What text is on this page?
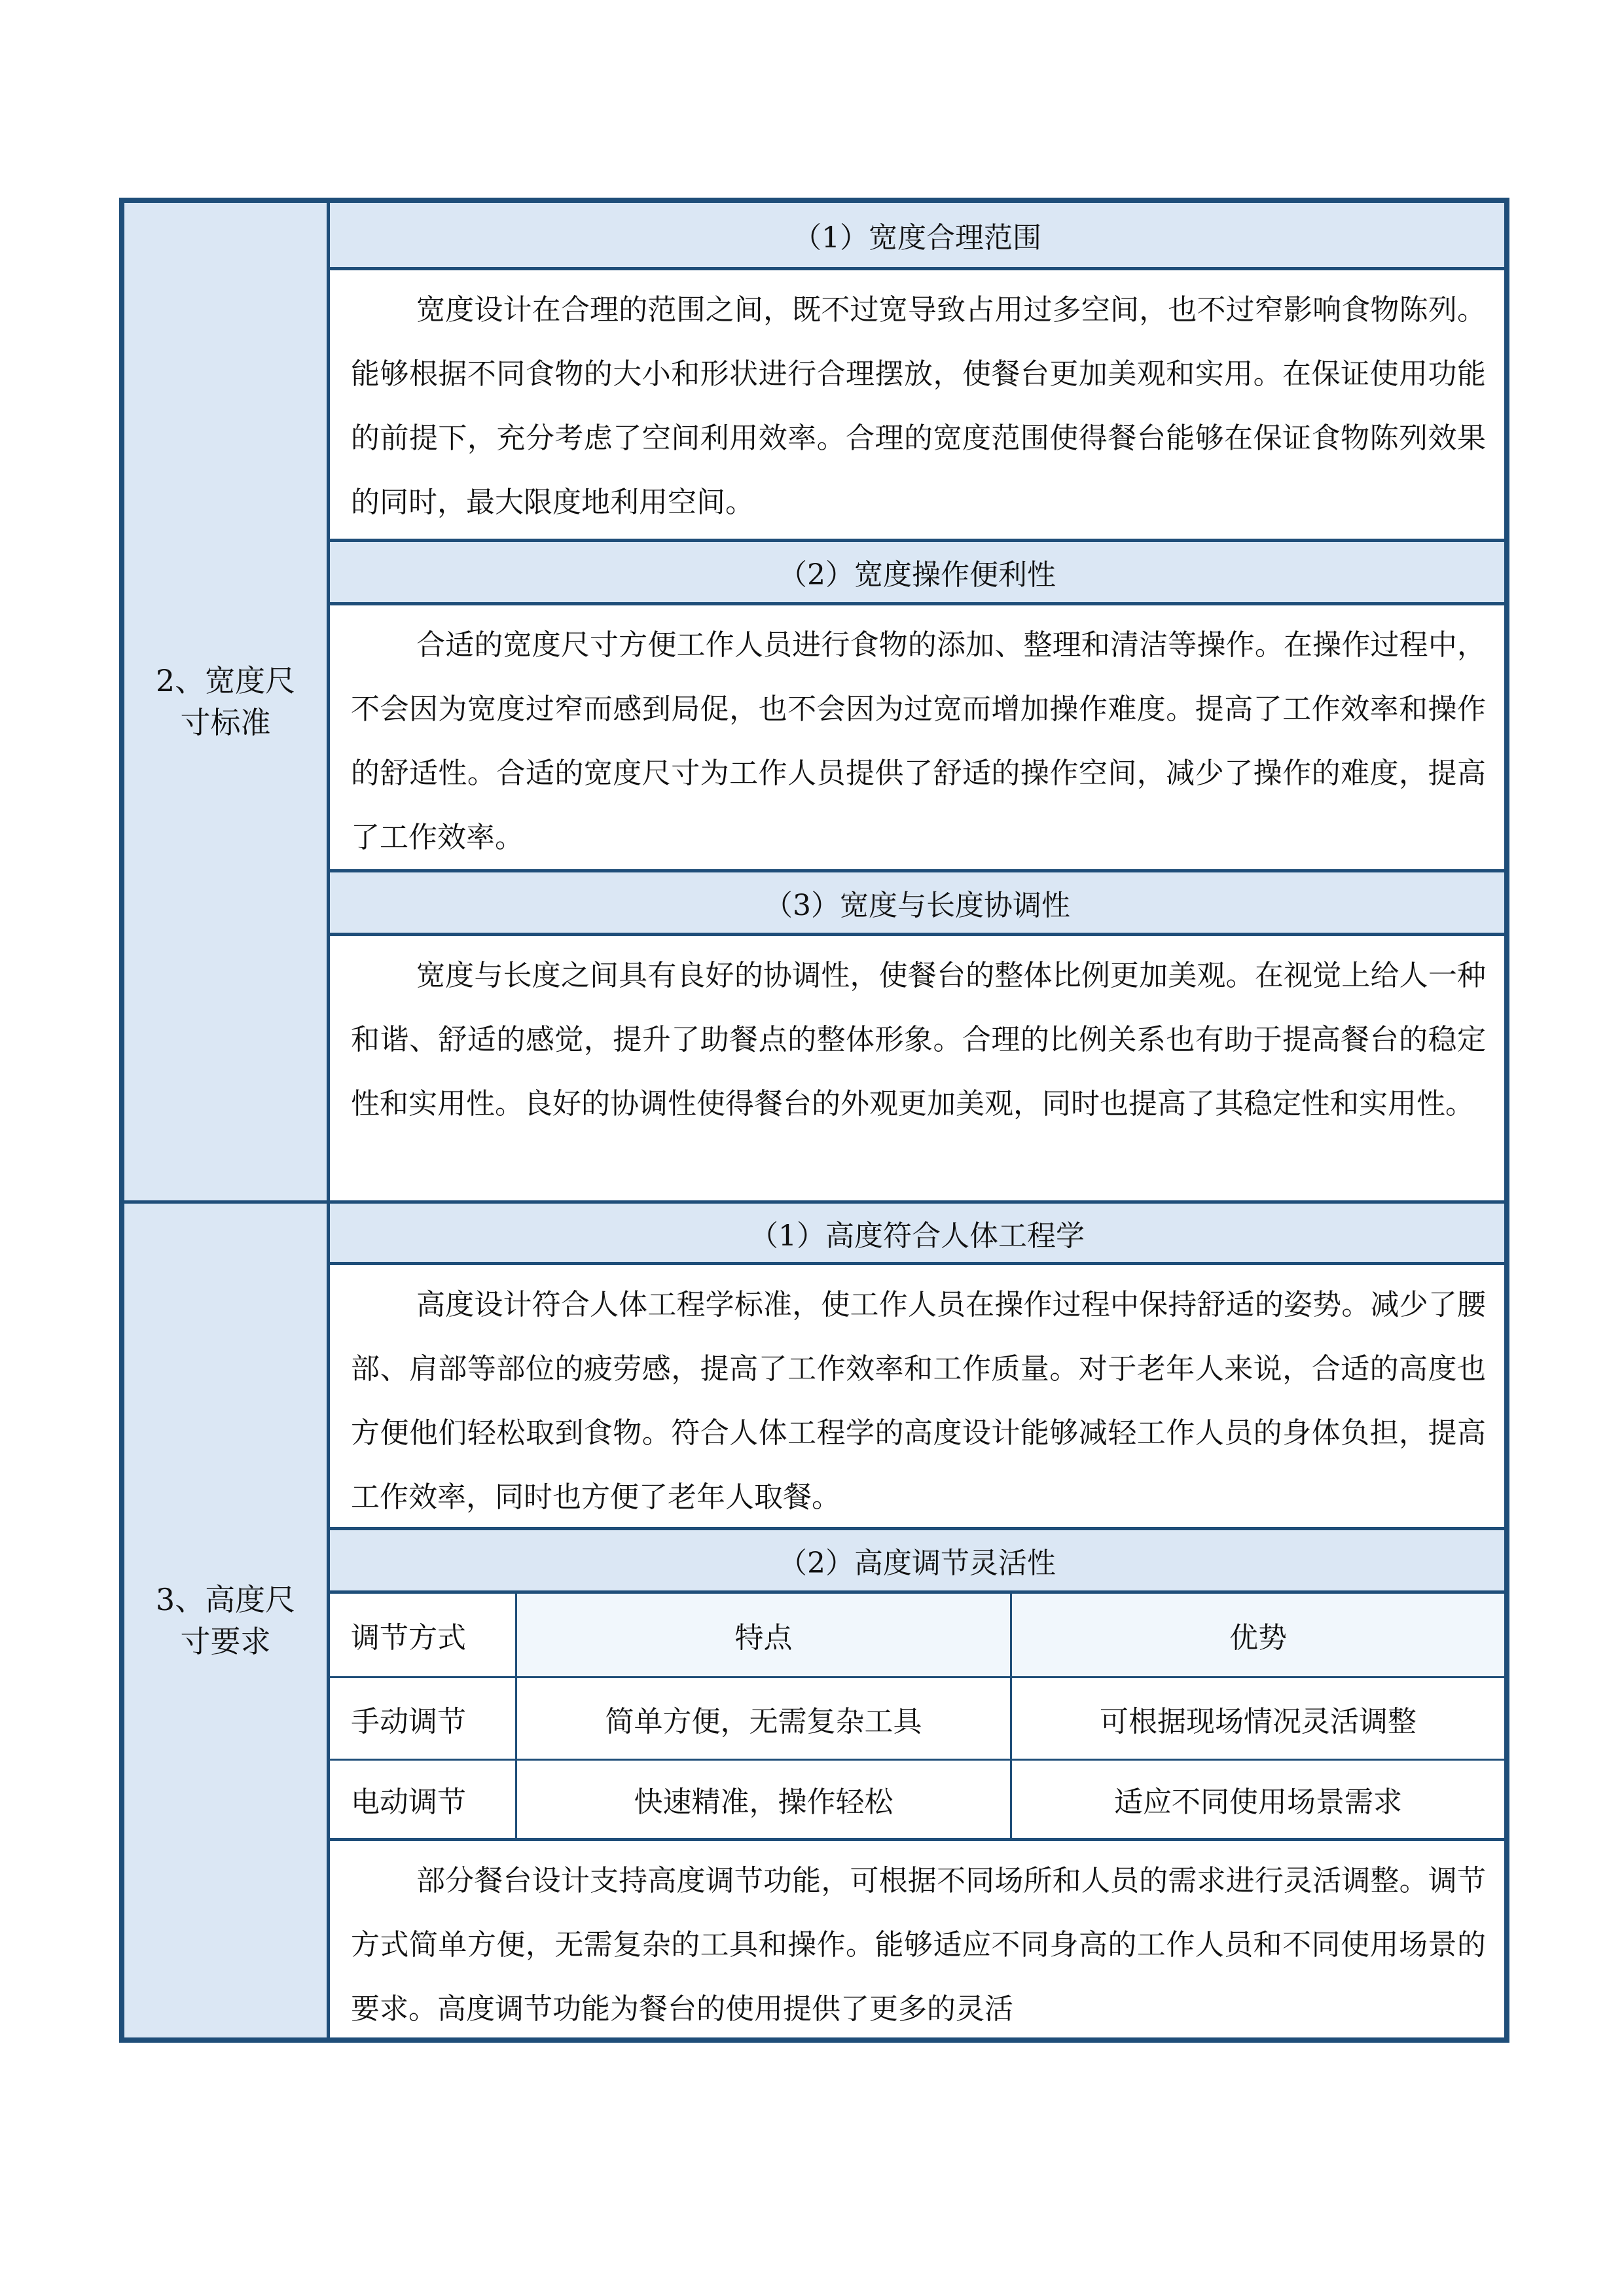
2、宽度尺
寸标准
（1）宽度合理范围
宽度设计在合理的范围之间，既不过宽导致占用过多空间，也不过窄影响食物陈列。能够根据不同食物的大小和形状进行合理摆放，使餐台更加美观和实用。在保证使用功能的前提下，充分考虑了空间利用效率。合理的宽度范围使得餐台能够在保证食物陈列效果的同时，最大限度地利用空间。
（2）宽度操作便利性
合适的宽度尺寸方便工作人员进行食物的添加、整理和清洁等操作。在操作过程中，不会因为宽度过窄而感到局促，也不会因为过宽而增加操作难度。提高了工作效率和操作的舒适性。合适的宽度尺寸为工作人员提供了舒适的操作空间，减少了操作的难度，提高了工作效率。
（3）宽度与长度协调性
宽度与长度之间具有良好的协调性，使餐台的整体比例更加美观。在视觉上给人一种和谐、舒适的感觉，提升了助餐点的整体形象。合理的比例关系也有助于提高餐台的稳定性和实用性。良好的协调性使得餐台的外观更加美观，同时也提高了其稳定性和实用性。
3、高度尺
寸要求
（1）高度符合人体工程学
高度设计符合人体工程学标准，使工作人员在操作过程中保持舒适的姿势。减少了腰部、肩部等部位的疲劳感，提高了工作效率和工作质量。对于老年人来说，合适的高度也方便他们轻松取到食物。符合人体工程学的高度设计能够减轻工作人员的身体负担，提高工作效率，同时也方便了老年人取餐。
（2）高度调节灵活性
调节方式	特点	优势
手动调节	简单方便，无需复杂工具	可根据现场情况灵活调整
电动调节	快速精准，操作轻松	适应不同使用场景需求
部分餐台设计支持高度调节功能，可根据不同场所和人员的需求进行灵活调整。调节方式简单方便，无需复杂的工具和操作。能够适应不同身高的工作人员和不同使用场景的要求。高度调节功能为餐台的使用提供了更多的灵活
